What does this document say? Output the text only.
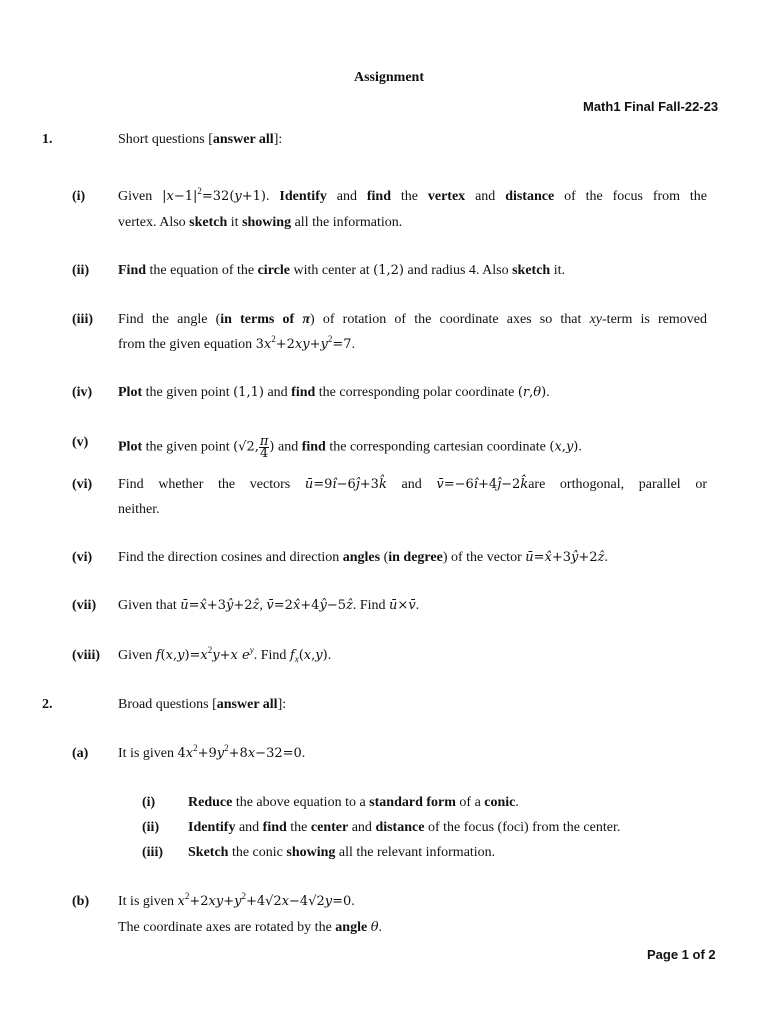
Assignment
Math1 Final Fall-22-23
1.	Short questions [answer all]:
(i) Given $|x-1|^2=32(y+1)$. Identify and find the vertex and distance of the focus from the
vertex. Also sketch it showing all the information.
(ii) Find the equation of the circle with center at (1,2) and radius 4. Also sketch it.
(iii) Find the angle (in terms of π) of rotation of the coordinate axes so that xy-term is removed
from the given equation $3x^2+2xy+y^2=7$.
(iv) Plot the given point (1,1) and find the corresponding polar coordinate (r,θ).
(v) Plot the given point (√2, $\frac{\pi}{4}$ ) and find the corresponding cartesian coordinate (x,y).
(vi) Find whether the vectors ū=9î−6ĵ+3k̂ and v̄=−6î+4ĵ−2k̂are orthogonal, parallel or
neither.
(vi) Find the direction cosines and direction angles (in degree) of the vector ū=x̂+3ŷ+2ẑ.
(vii) Given that ū=x̂+3ŷ+2ẑ, v̄=2x̂+4ŷ−5ẑ. Find ū×v̄.
(viii) Given $f(x,y)=x^2y+x$ $e^y$. Find $f_x(x,y)$.
2.	Broad questions [answer all]:
(a) It is given $4x^2+9y^2+8x-32=0$.
(i) Reduce the above equation to a standard form of a conic.
(ii) Identify and find the center and distance of the focus (foci) from the center.
(iii) Sketch the conic showing all the relevant information.
(b) It is given $x^2+2xy+y^2+4√2x-4√2y=0$.
The coordinate axes are rotated by the angle θ.
Page 1 of 2
